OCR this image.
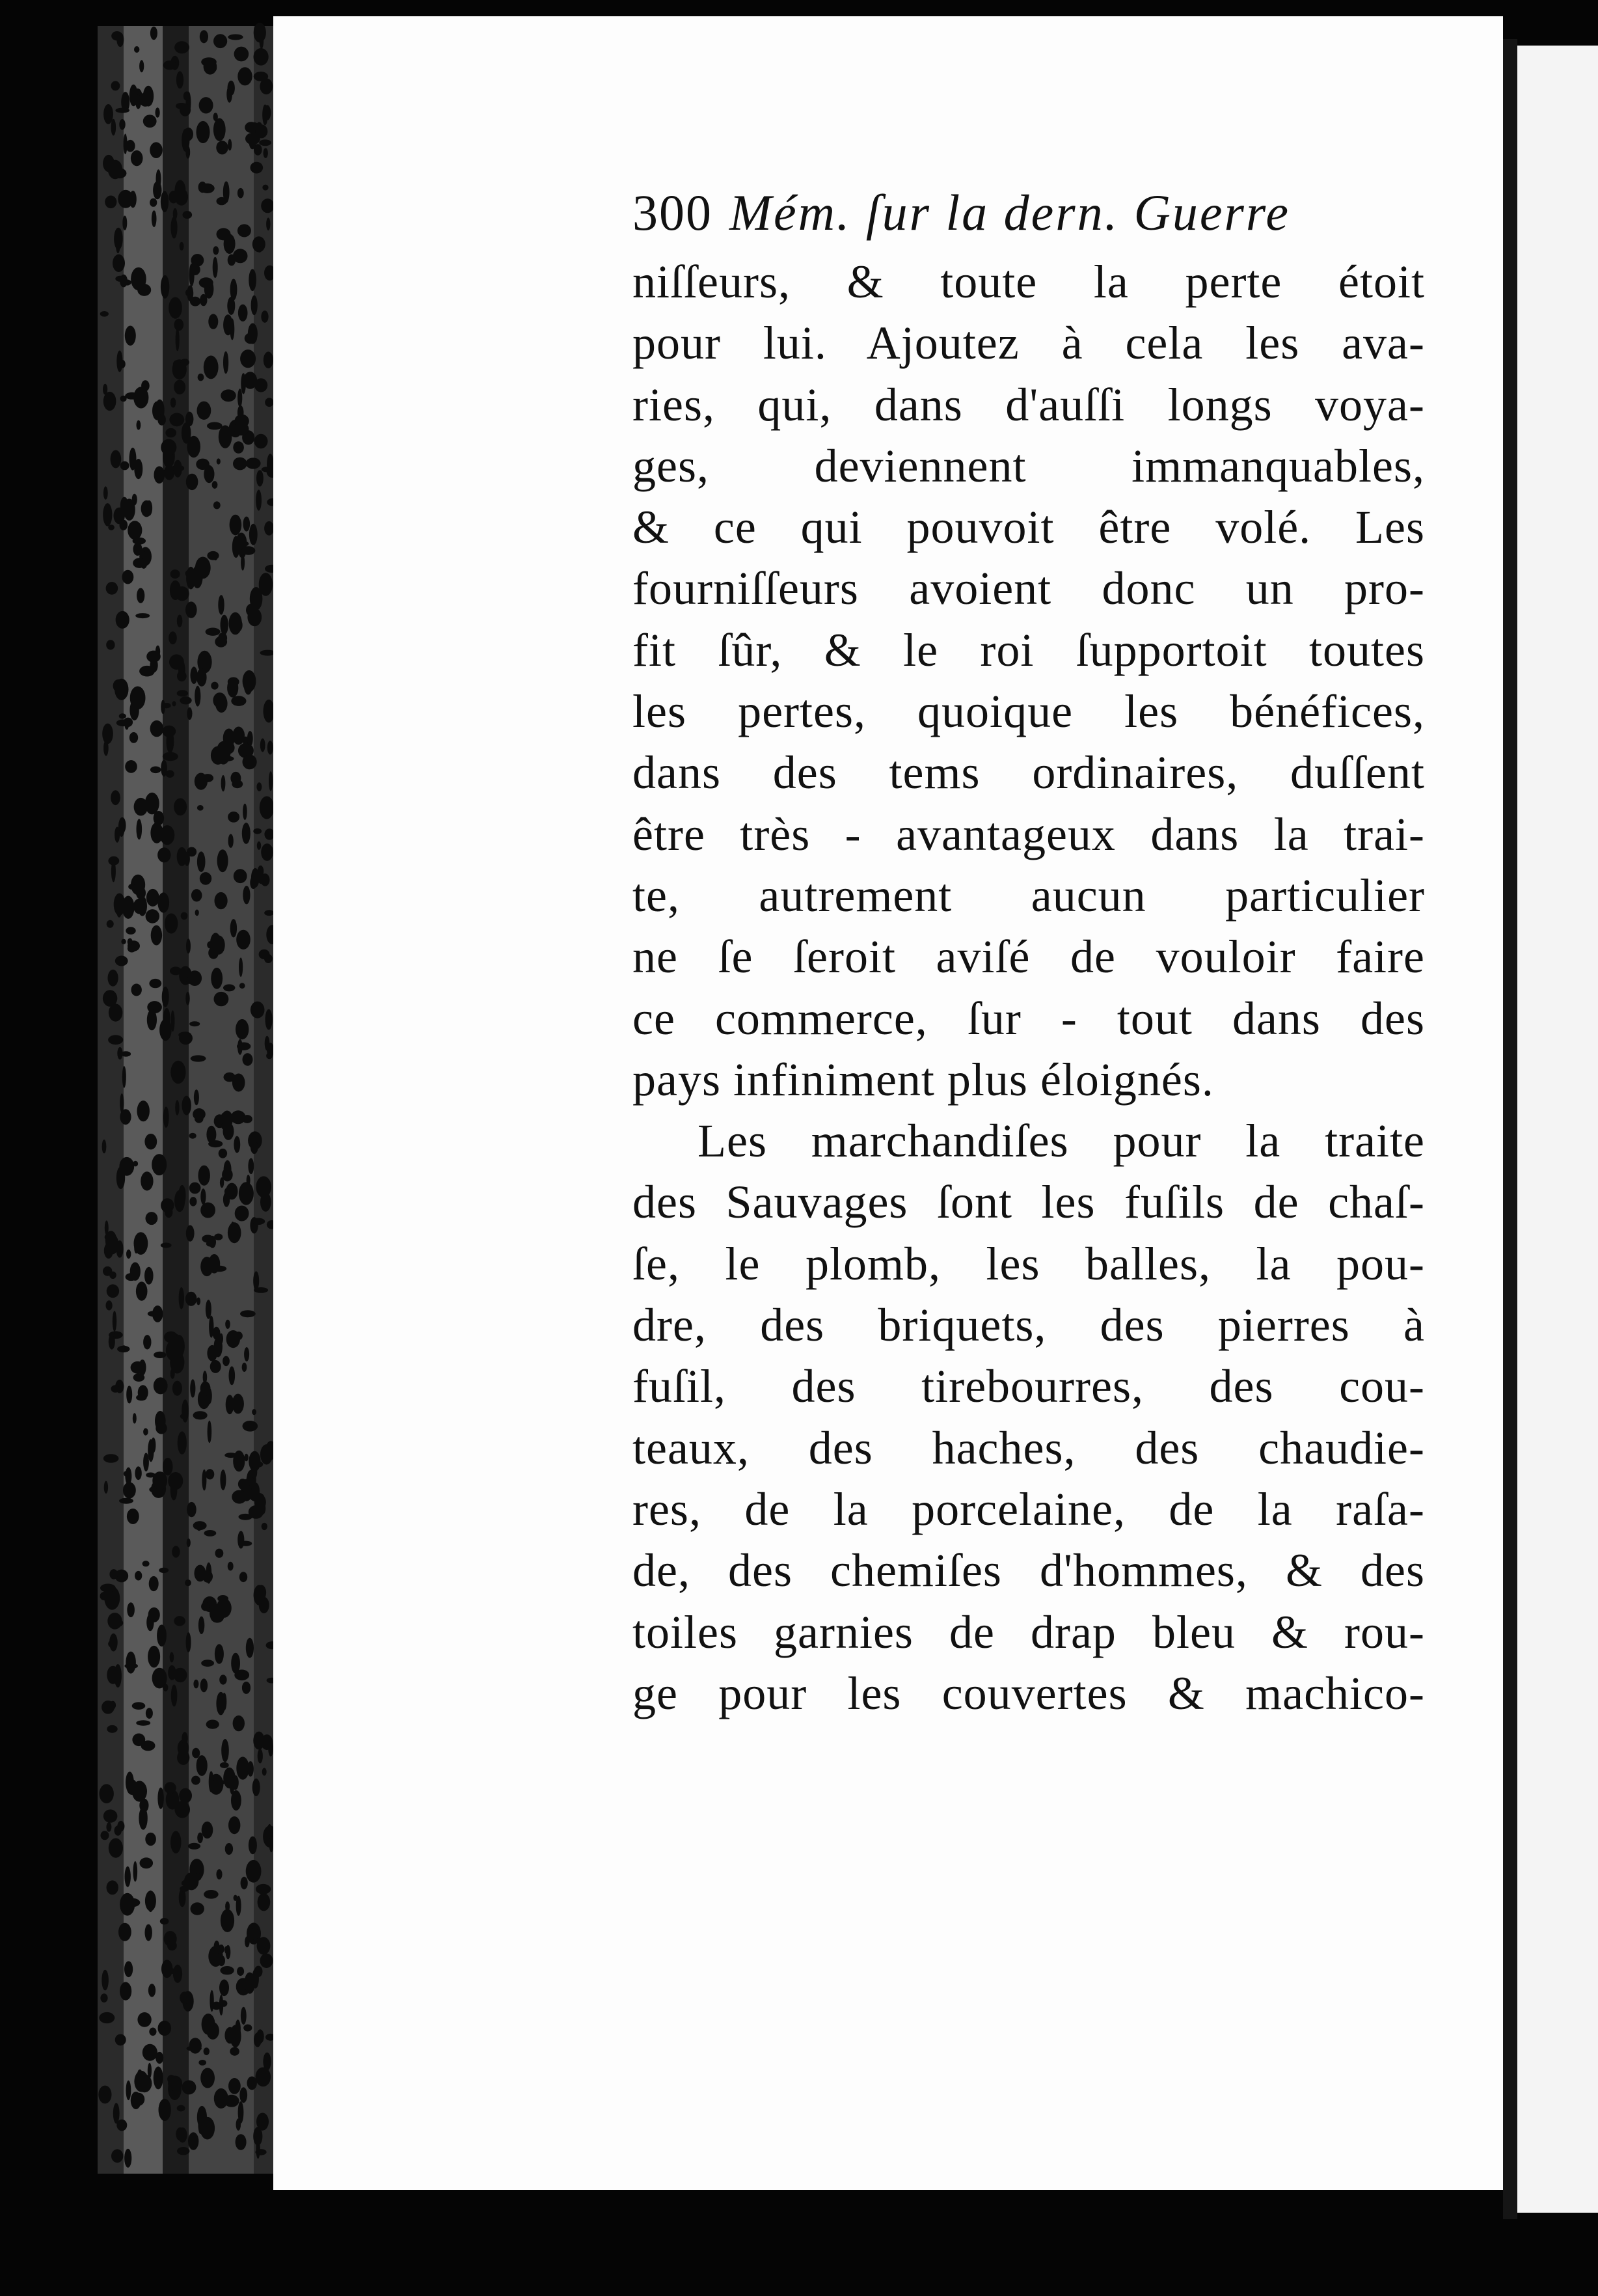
300 Mém. ſur la dern. Guerre
niſſeurs, & toute la perte étoit
pour lui. Ajoutez à cela les ava-
ries, qui, dans d'auſſi longs voya-
ges, deviennent immanquables,
& ce qui pouvoit être volé. Les
fourniſſeurs avoient donc un pro-
fit ſûr, & le roi ſupportoit toutes
les pertes, quoique les bénéfices,
dans des tems ordinaires, duſſent
être très - avantageux dans la trai-
te, autrement aucun particulier
ne ſe ſeroit aviſé de vouloir faire
ce commerce, ſur - tout dans des
pays infiniment plus éloignés.
Les marchandiſes pour la traite
des Sauvages ſont les fuſils de chaſ-
ſe, le plomb, les balles, la pou-
dre, des briquets, des pierres à
fuſil, des tirebourres, des cou-
teaux, des haches, des chaudie-
res, de la porcelaine, de la raſa-
de, des chemiſes d'hommes, & des
toiles garnies de drap bleu & rou-
ge pour les couvertes & machico-
